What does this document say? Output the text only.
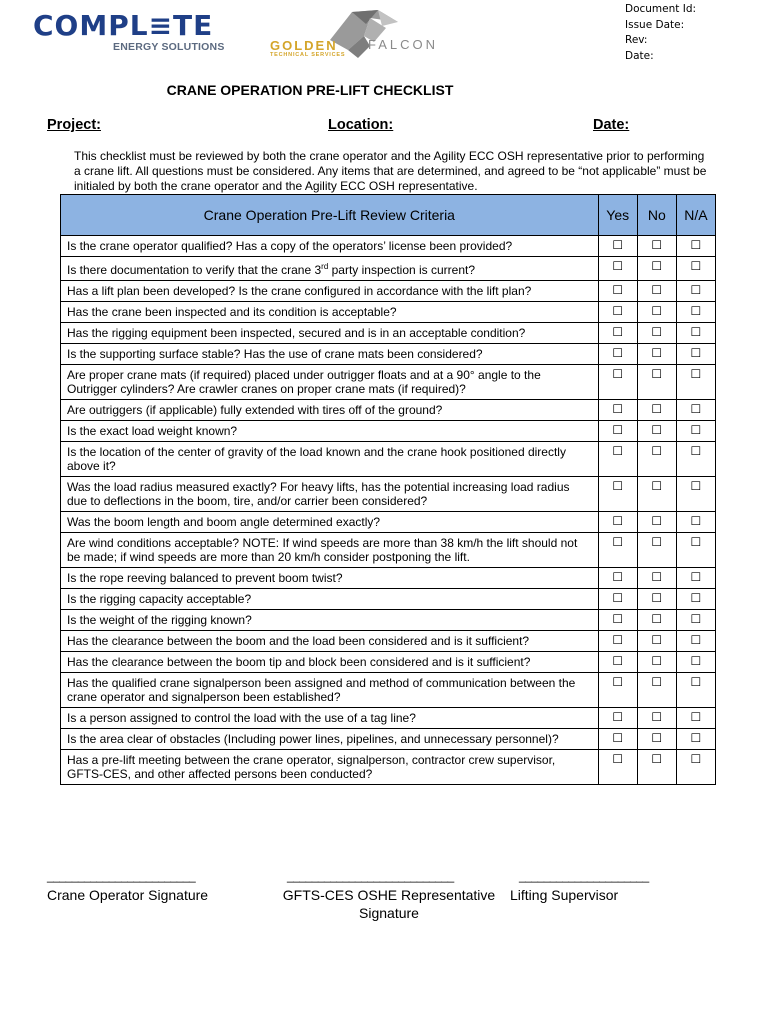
COMPL≡TE
ENERGY SOLUTIONS	GOLDEN FALCON
TECHNICAL SERVICES
Document Id:
Issue Date:
Rev:
Date:
CRANE OPERATION PRE-LIFT CHECKLIST
Project:	Location:	Date:
This checklist must be reviewed by both the crane operator and the Agility ECC OSH representative prior to performing a crane lift. All questions must be considered. Any items that are determined, and agreed to be “not applicable” must be initialed by both the crane operator and the Agility ECC OSH representative.
Crane Operation Pre-Lift Review Criteria	Yes	No	N/A
Is the crane operator qualified? Has a copy of the operators’ license been provided?	☐	☐	☐
Is there documentation to verify that the crane 3rd party inspection is current?	☐	☐	☐
Has a lift plan been developed? Is the crane configured in accordance with the lift plan?	☐	☐	☐
Has the crane been inspected and its condition is acceptable?	☐	☐	☐
Has the rigging equipment been inspected, secured and is in an acceptable condition?	☐	☐	☐
Is the supporting surface stable? Has the use of crane mats been considered?	☐	☐	☐
Are proper crane mats (if required) placed under outrigger floats and at a 90° angle to the Outrigger cylinders? Are crawler cranes on proper crane mats (if required)?	☐	☐	☐
Are outriggers (if applicable) fully extended with tires off of the ground?	☐	☐	☐
Is the exact load weight known?	☐	☐	☐
Is the location of the center of gravity of the load known and the crane hook positioned directly above it?	☐	☐	☐
Was the load radius measured exactly? For heavy lifts, has the potential increasing load radius due to deflections in the boom, tire, and/or carrier been considered?	☐	☐	☐
Was the boom length and boom angle determined exactly?	☐	☐	☐
Are wind conditions acceptable? NOTE: If wind speeds are more than 38 km/h the lift should not be made; if wind speeds are more than 20 km/h consider postponing the lift.	☐	☐	☐
Is the rope reeving balanced to prevent boom twist?	☐	☐	☐
Is the rigging capacity acceptable?	☐	☐	☐
Is the weight of the rigging known?	☐	☐	☐
Has the clearance between the boom and the load been considered and is it sufficient?	☐	☐	☐
Has the clearance between the boom tip and block been considered and is it sufficient?	☐	☐	☐
Has the qualified crane signalperson been assigned and method of communication between the crane operator and signalperson been established?	☐	☐	☐
Is a person assigned to control the load with the use of a tag line?	☐	☐	☐
Is the area clear of obstacles (Including power lines, pipelines, and unnecessary personnel)?	☐	☐	☐
Has a pre-lift meeting between the crane operator, signalperson, contractor crew supervisor, GFTS-CES, and other affected persons been conducted?	☐	☐	☐
________________________	___________________________	_____________________
Crane Operator Signature	GFTS-CES OSHE Representative
Signature
Lifting Supervisor
